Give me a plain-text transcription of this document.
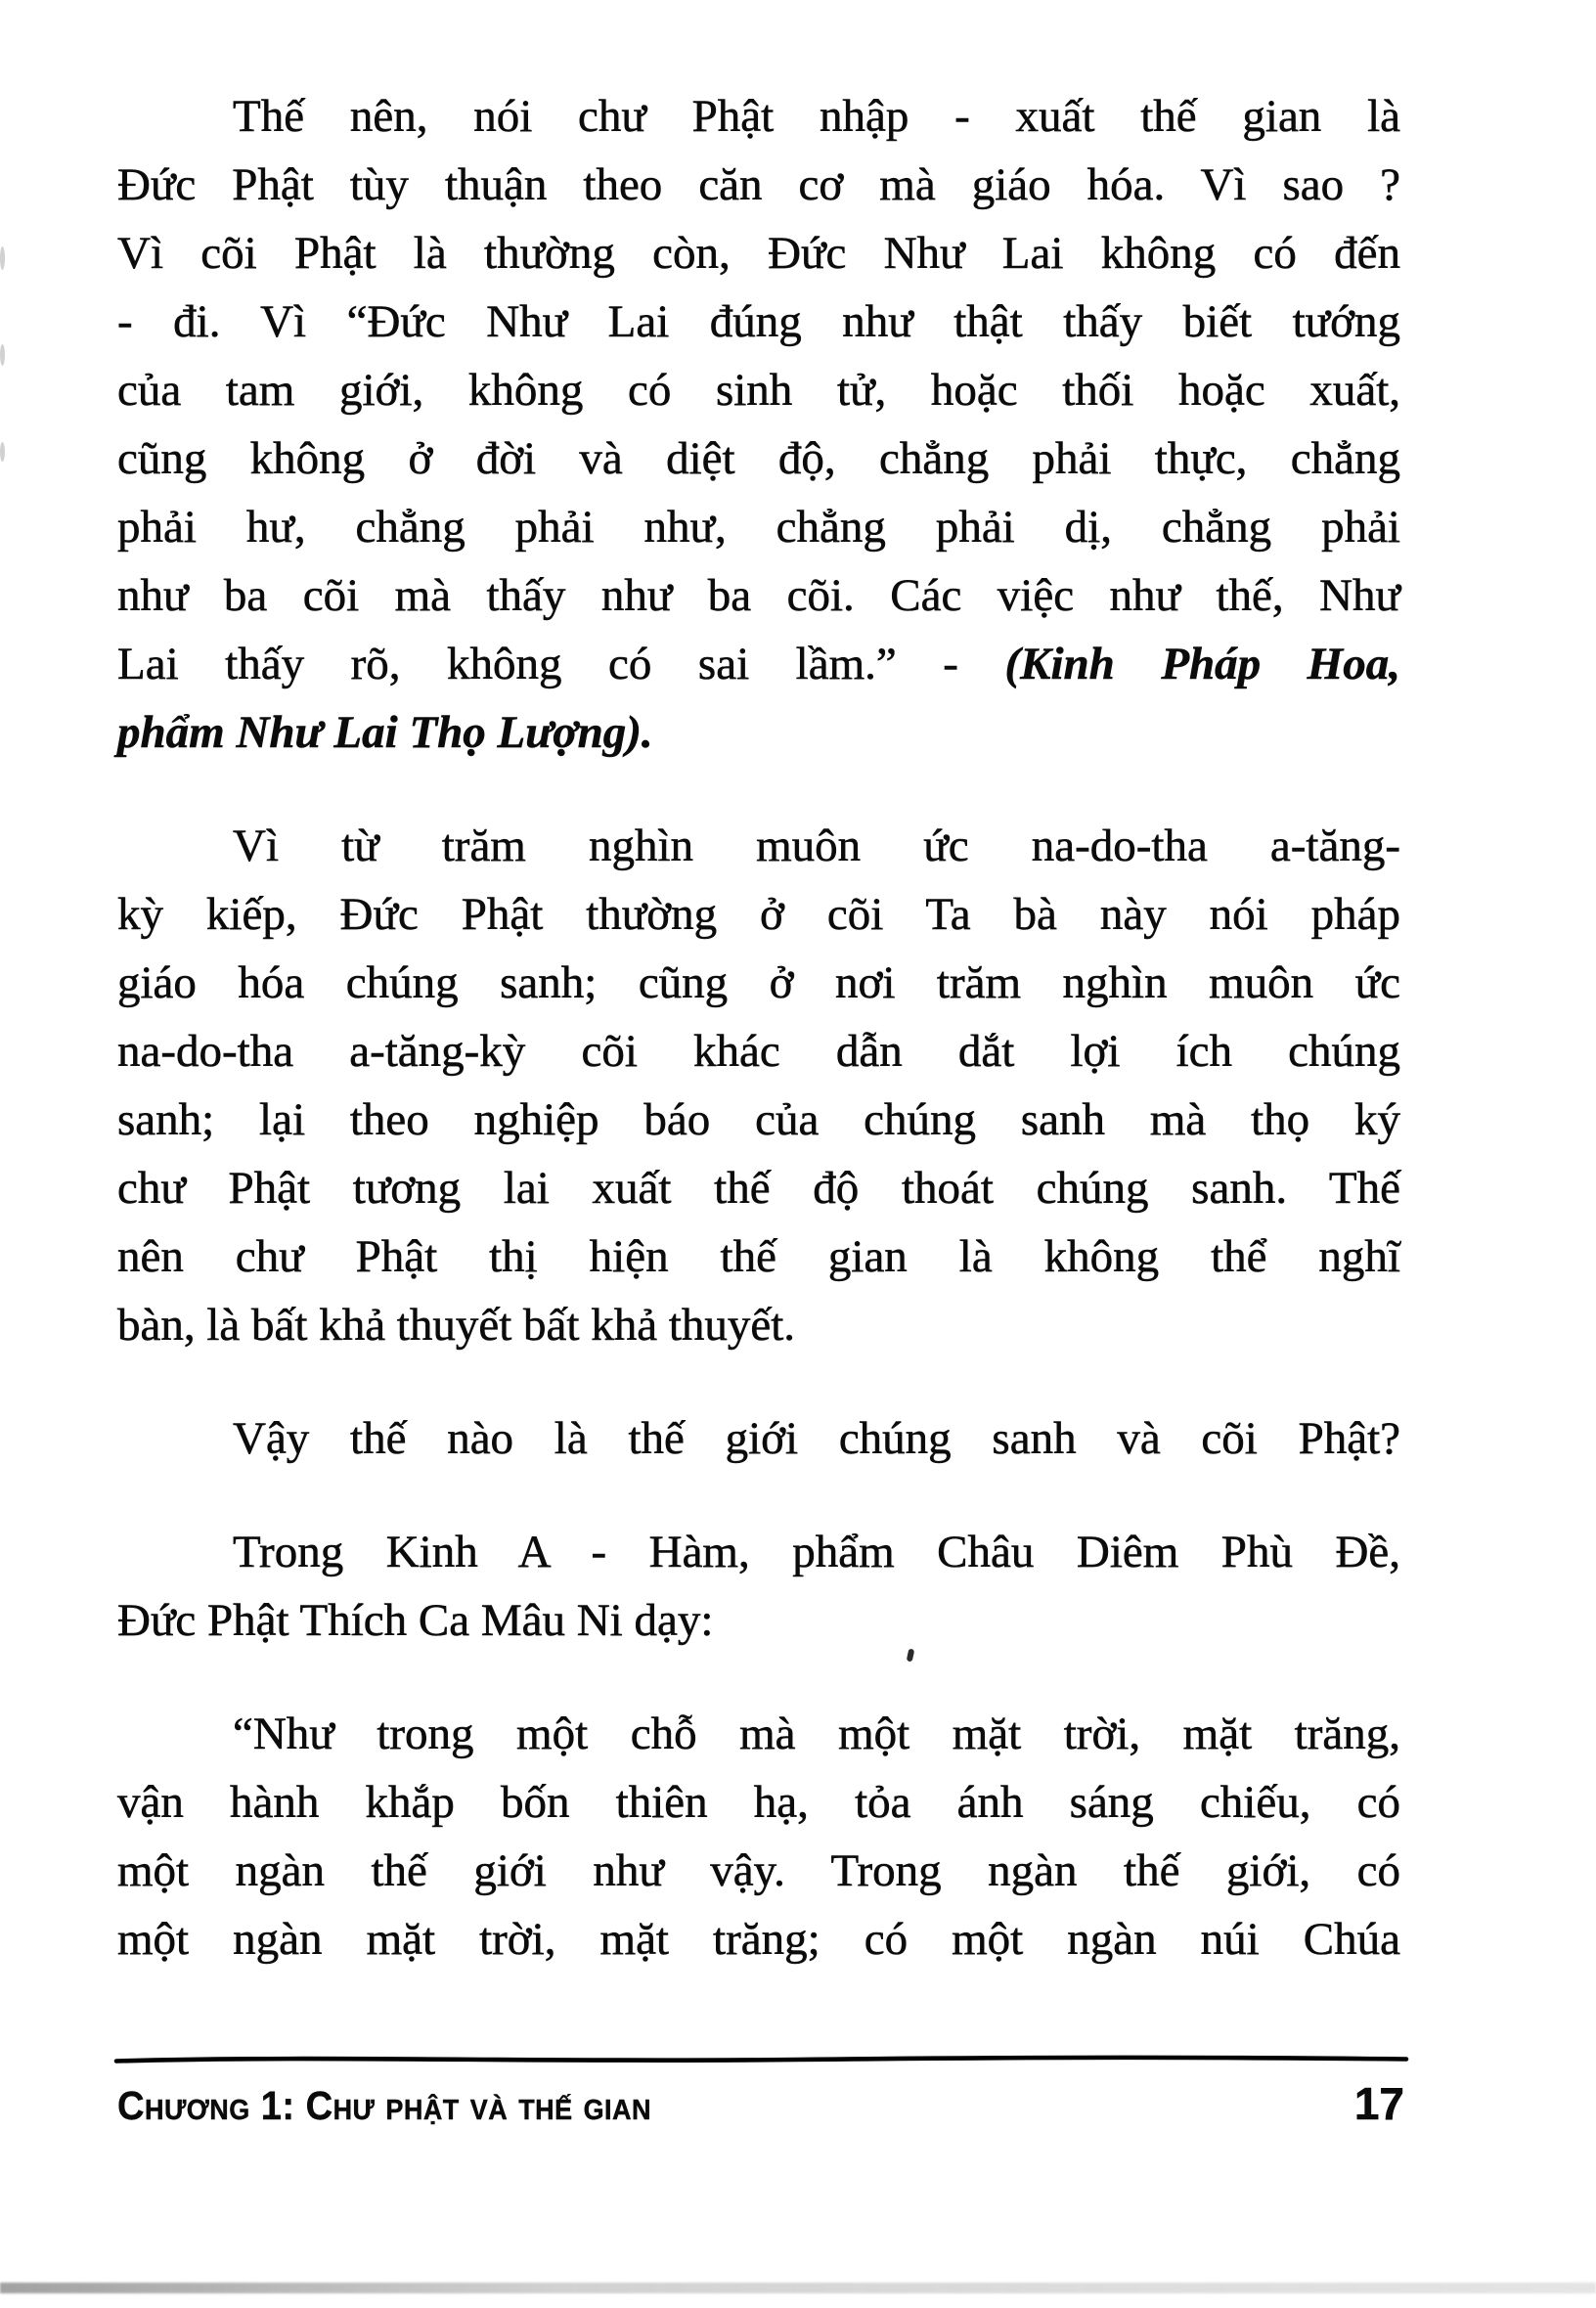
Thế nên, nói chư Phật nhập - xuất thế gian là
Đức Phật tùy thuận theo căn cơ mà giáo hóa. Vì sao ?
Vì cõi Phật là thường còn, Đức Như Lai không có đến
- đi. Vì “Đức Như Lai đúng như thật thấy biết tướng
của tam giới, không có sinh tử, hoặc thối hoặc xuất,
cũng không ở đời và diệt độ, chẳng phải thực, chẳng
phải hư, chẳng phải như, chẳng phải dị, chẳng phải
như ba cõi mà thấy như ba cõi. Các việc như thế, Như
Lai thấy rõ, không có sai lầm.” - (Kinh Pháp Hoa,
phẩm Như Lai Thọ Lượng).
Vì từ trăm nghìn muôn ức na-do-tha a-tăng-
kỳ kiếp, Đức Phật thường ở cõi Ta bà này nói pháp
giáo hóa chúng sanh; cũng ở nơi trăm nghìn muôn ức
na-do-tha a-tăng-kỳ cõi khác dẫn dắt lợi ích chúng
sanh; lại theo nghiệp báo của chúng sanh mà thọ ký
chư Phật tương lai xuất thế độ thoát chúng sanh. Thế
nên chư Phật thị hiện thế gian là không thể nghĩ
bàn, là bất khả thuyết bất khả thuyết.
Vậy thế nào là thế giới chúng sanh và cõi Phật?
Trong Kinh A - Hàm, phẩm Châu Diêm Phù Đề,
Đức Phật Thích Ca Mâu Ni dạy:
“Như trong một chỗ mà một mặt trời, mặt trăng,
vận hành khắp bốn thiên hạ, tỏa ánh sáng chiếu, có
một ngàn thế giới như vậy. Trong ngàn thế giới, có
một ngàn mặt trời, mặt trăng; có một ngàn núi Chúa
Chương 1: Chư phật và thế gian	17
